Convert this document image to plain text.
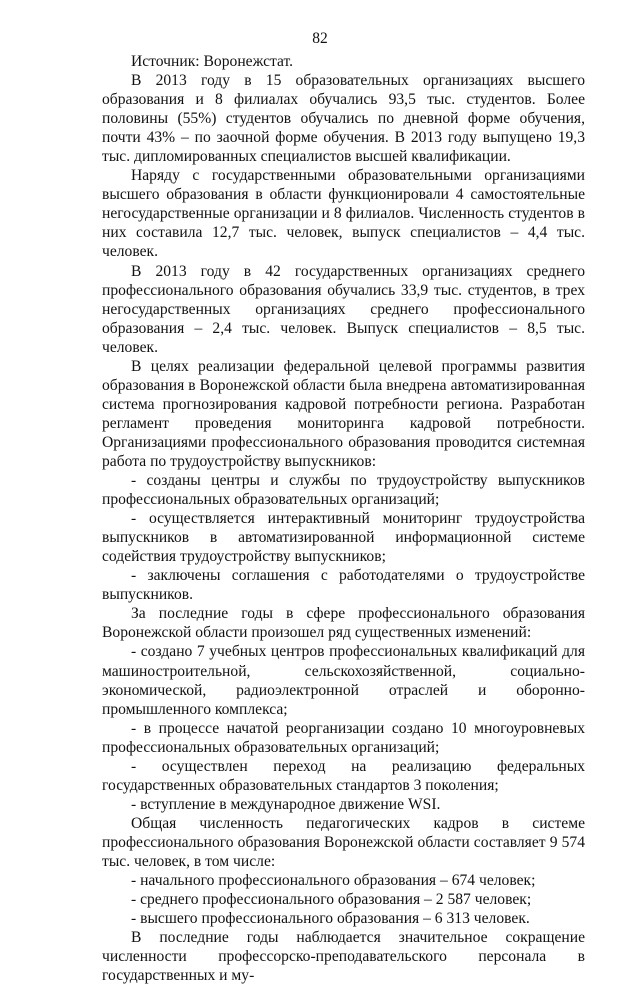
82

Источник: Воронежстат.

В 2013 году в 15 образовательных организациях высшего образования и 8 филиалах обучались 93,5 тыс. студентов. Более половины (55%) студентов обучались по дневной форме обучения, почти 43% – по заочной форме обучения. В 2013 году выпущено 19,3 тыс. дипломированных специалистов высшей квалификации.

Наряду с государственными образовательными организациями высшего образования в области функционировали 4 самостоятельные негосударственные организации и 8 филиалов. Численность студентов в них составила 12,7 тыс. человек, выпуск специалистов – 4,4 тыс. человек.

В 2013 году в 42 государственных организациях среднего профессионального образования обучались 33,9 тыс. студентов, в трех негосударственных организациях среднего профессионального образования – 2,4 тыс. человек. Выпуск специалистов – 8,5 тыс. человек.

В целях реализации федеральной целевой программы развития образования в Воронежской области была внедрена автоматизированная система прогнозирования кадровой потребности региона. Разработан регламент проведения мониторинга кадровой потребности. Организациями профессионального образования проводится системная работа по трудоустройству выпускников:

- созданы центры и службы по трудоустройству выпускников профессиональных образовательных организаций;

- осуществляется интерактивный мониторинг трудоустройства выпускников в автоматизированной информационной системе содействия трудоустройству выпускников;

- заключены соглашения с работодателями о трудоустройстве выпускников.

За последние годы в сфере профессионального образования Воронежской области произошел ряд существенных изменений:

- создано 7 учебных центров профессиональных квалификаций для машиностроительной, сельскохозяйственной, социально-экономической, радиоэлектронной отраслей и оборонно-промышленного комплекса;

- в процессе начатой реорганизации создано 10 многоуровневых профессиональных образовательных организаций;

- осуществлен переход на реализацию федеральных государственных образовательных стандартов 3 поколения;

- вступление в международное движение WSI.

Общая численность педагогических кадров в системе профессионального образования Воронежской области составляет 9 574 тыс. человек, в том числе:

- начального профессионального образования – 674 человек;

- среднего профессионального образования – 2 587 человек;

- высшего профессионального образования – 6 313 человек.

В последние годы наблюдается значительное сокращение численности профессорско-преподавательского персонала в государственных и му-
